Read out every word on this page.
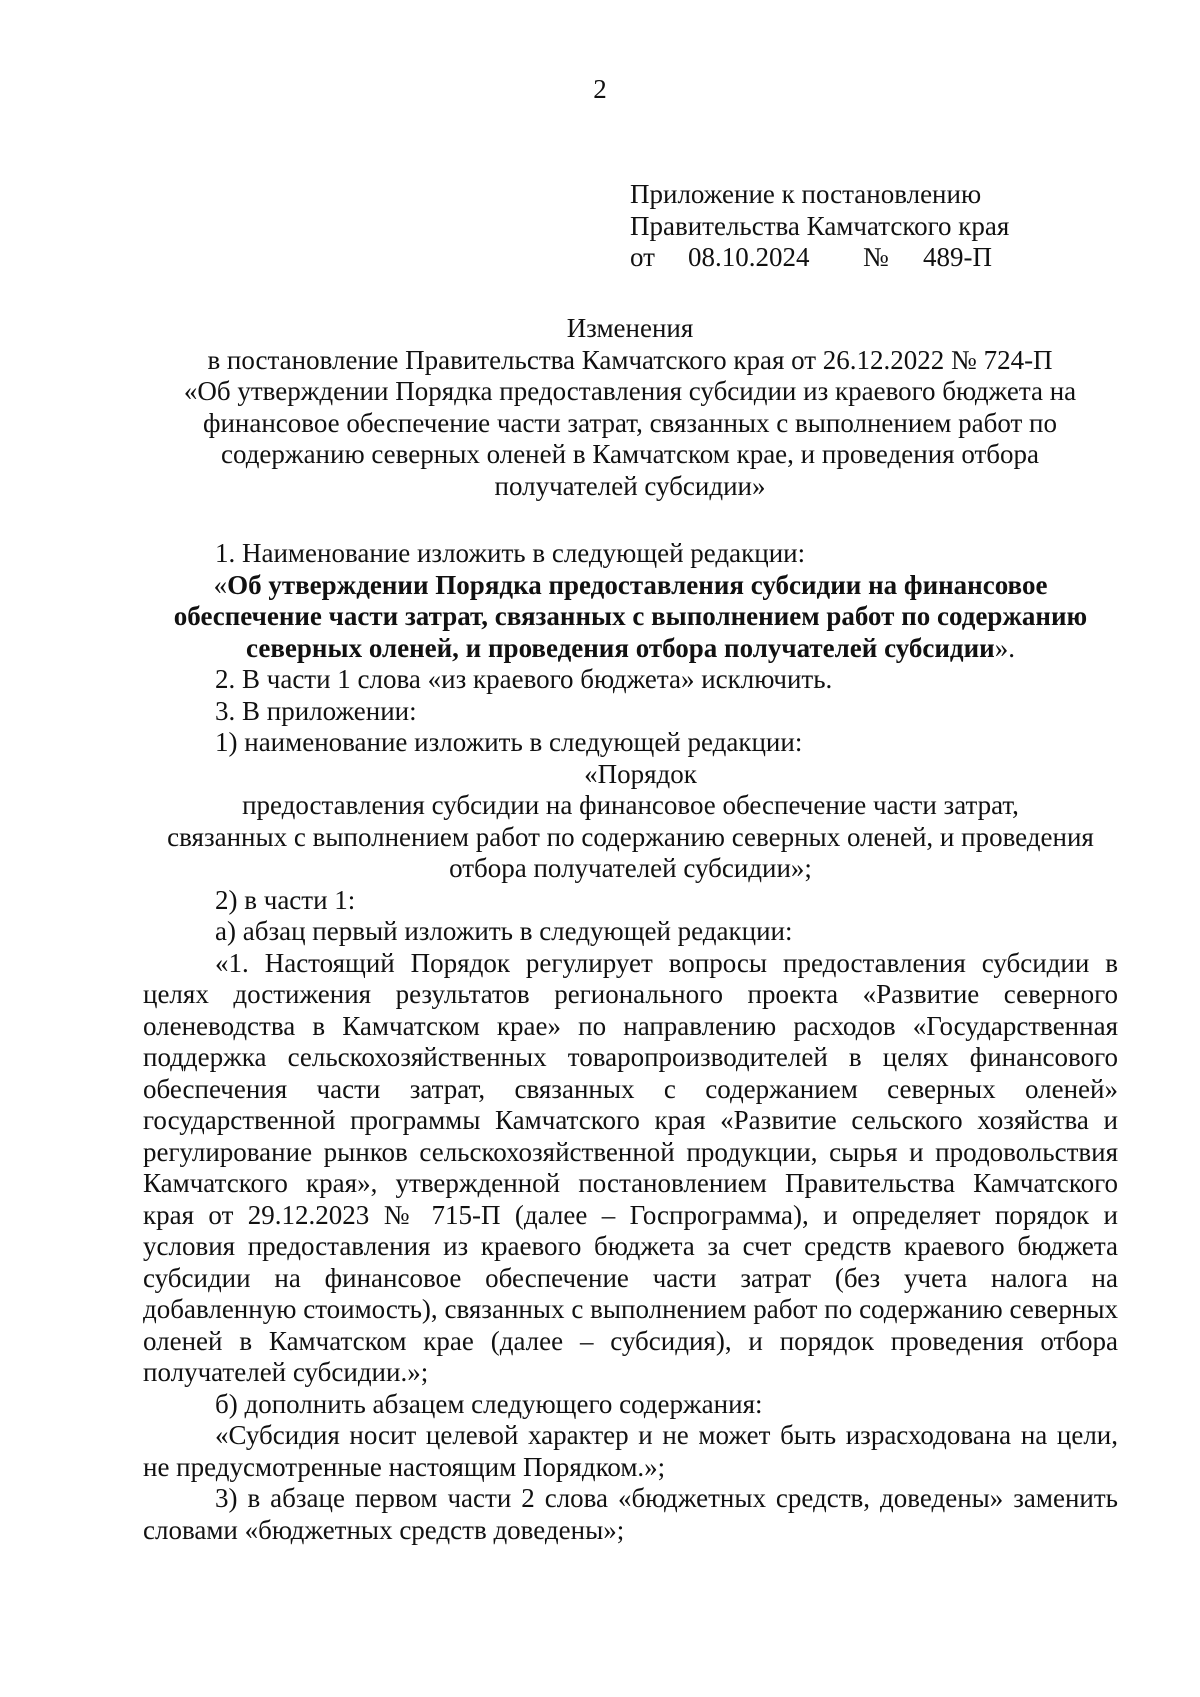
2
Приложение к постановлению
Правительства Камчатского края
от 08.10.2024 № 489-П
Изменения
в постановление Правительства Камчатского края от 26.12.2022 № 724-П
«Об утверждении Порядка предоставления субсидии из краевого бюджета на
финансовое обеспечение части затрат, связанных с выполнением работ по
содержанию северных оленей в Камчатском крае, и проведения отбора
получателей субсидии»

1. Наименование изложить в следующей редакции:

«Об утверждении Порядка предоставления субсидии на финансовое обеспечение части затрат, связанных с выполнением работ по содержанию северных оленей, и проведения отбора получателей субсидии».

2. В части 1 слова «из краевого бюджета» исключить.

3. В приложении:

1) наименование изложить в следующей редакции:

«Порядок

предоставления субсидии на финансовое обеспечение части затрат,

связанных с выполнением работ по содержанию северных оленей, и проведения

отбора получателей субсидии»;

2) в части 1:

а) абзац первый изложить в следующей редакции:

«1. Настоящий Порядок регулирует вопросы предоставления субсидии в целях достижения результатов регионального проекта «Развитие северного оленеводства в Камчатском крае» по направлению расходов «Государственная поддержка сельскохозяйственных товаропроизводителей в целях финансового обеспечения части затрат, связанных с содержанием северных оленей» государственной программы Камчатского края «Развитие сельского хозяйства и регулирование рынков сельскохозяйственной продукции, сырья и продовольствия Камчатского края», утвержденной постановлением Правительства Камчатского края от 29.12.2023 № 715-П (далее – Госпрограмма), и определяет порядок и условия предоставления из краевого бюджета за счет средств краевого бюджета субсидии на финансовое обеспечение части затрат (без учета налога на добавленную стоимость), связанных с выполнением работ по содержанию северных оленей в Камчатском крае (далее – субсидия), и порядок проведения отбора получателей субсидии.»;

б) дополнить абзацем следующего содержания:

«Субсидия носит целевой характер и не может быть израсходована на цели, не предусмотренные настоящим Порядком.»;

3) в абзаце первом части 2 слова «бюджетных средств, доведены» заменить словами «бюджетных средств доведены»;
